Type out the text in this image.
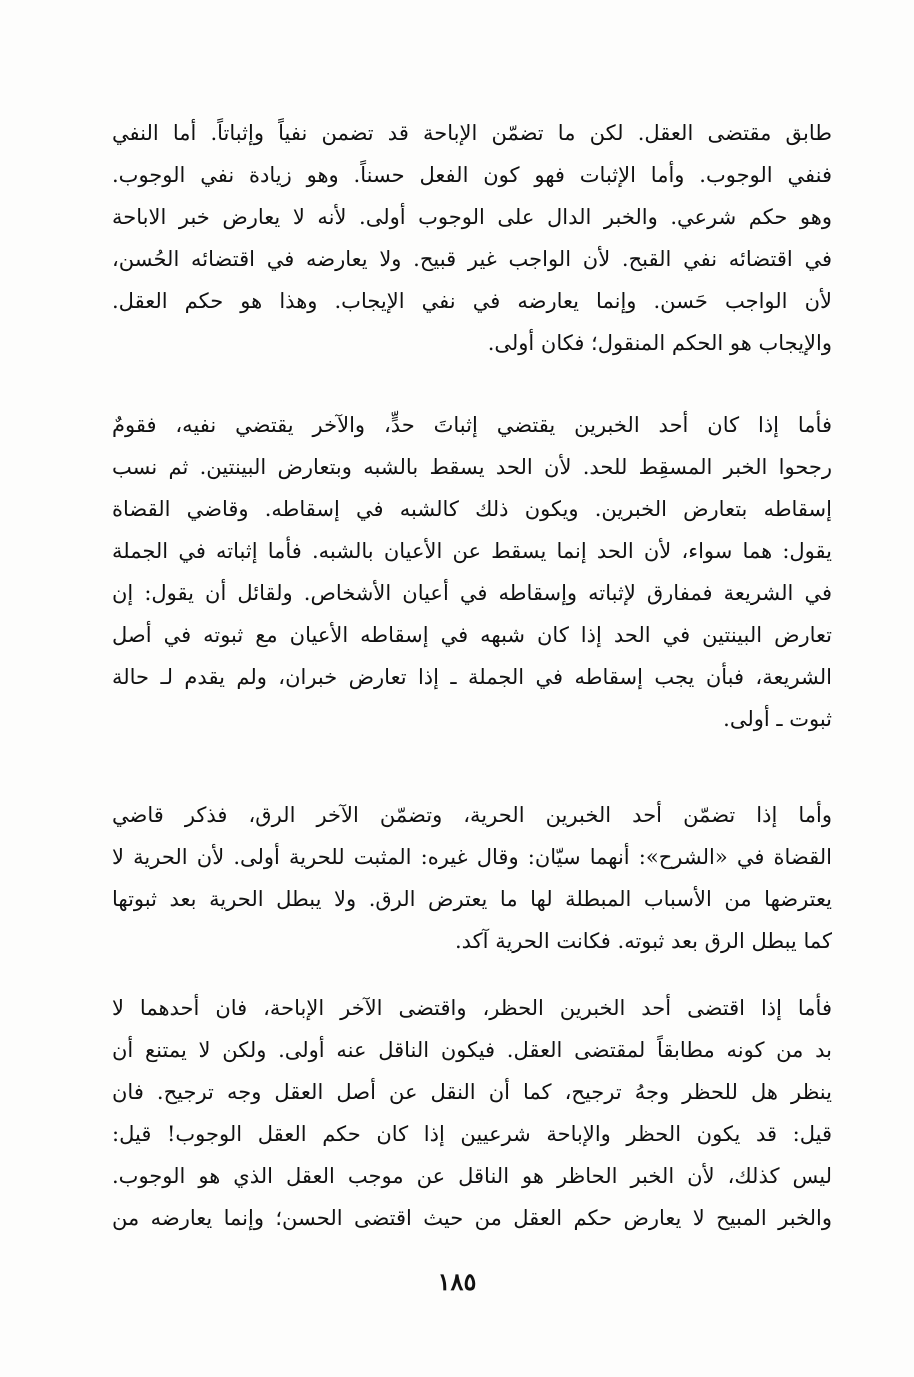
طابق مقتضى العقل. لكن ما تضمّن الإباحة قد تضمن نفياً وإثباتاً. أما النفي
فنفي الوجوب. وأما الإثبات فهو كون الفعل حسناً. وهو زيادة نفي الوجوب.
وهو حكم شرعي. والخبر الدال على الوجوب أولى. لأنه لا يعارض خبر الاباحة
في اقتضائه نفي القبح. لأن الواجب غير قبيح. ولا يعارضه في اقتضائه الحُسن،
لأن الواجب حَسن. وإنما يعارضه في نفي الإيجاب. وهذا هو حكم العقل.
والإيجاب هو الحكم المنقول؛ فكان أولى.
فأما إذا كان أحد الخبرين يقتضي إثباتَ حدٍّ، والآخر يقتضي نفيه، فقومٌ
رجحوا الخبر المسقِط للحد. لأن الحد يسقط بالشبه وبتعارض البينتين. ثم نسب
إسقاطه بتعارض الخبرين. ويكون ذلك كالشبه في إسقاطه. وقاضي القضاة
يقول: هما سواء، لأن الحد إنما يسقط عن الأعيان بالشبه. فأما إثباته في الجملة
في الشريعة فمفارق لإثباته وإسقاطه في أعيان الأشخاص. ولقائل أن يقول: إن
تعارض البينتين في الحد إذا كان شبهه في إسقاطه الأعيان مع ثبوته في أصل
الشريعة، فبأن يجب إسقاطه في الجملة ـ إذا تعارض خبران، ولم يقدم لـ حالة
ثبوت ـ أولى.
وأما إذا تضمّن أحد الخبرين الحرية، وتضمّن الآخر الرق، فذكر قاضي
القضاة في «الشرح»: أنهما سيّان: وقال غيره: المثبت للحرية أولى. لأن الحرية لا
يعترضها من الأسباب المبطلة لها ما يعترض الرق. ولا يبطل الحرية بعد ثبوتها
كما يبطل الرق بعد ثبوته. فكانت الحرية آكد.
فأما إذا اقتضى أحد الخبرين الحظر، واقتضى الآخر الإباحة، فان أحدهما لا
بد من كونه مطابقاً لمقتضى العقل. فيكون الناقل عنه أولى. ولكن لا يمتنع أن
ينظر هل للحظر وجهُ ترجيح، كما أن النقل عن أصل العقل وجه ترجيح. فان
قيل: قد يكون الحظر والإباحة شرعيين إذا كان حكم العقل الوجوب! قيل:
ليس كذلك، لأن الخبر الحاظر هو الناقل عن موجب العقل الذي هو الوجوب.
والخبر المبيح لا يعارض حكم العقل من حيث اقتضى الحسن؛ وإنما يعارضه من
١٨٥
